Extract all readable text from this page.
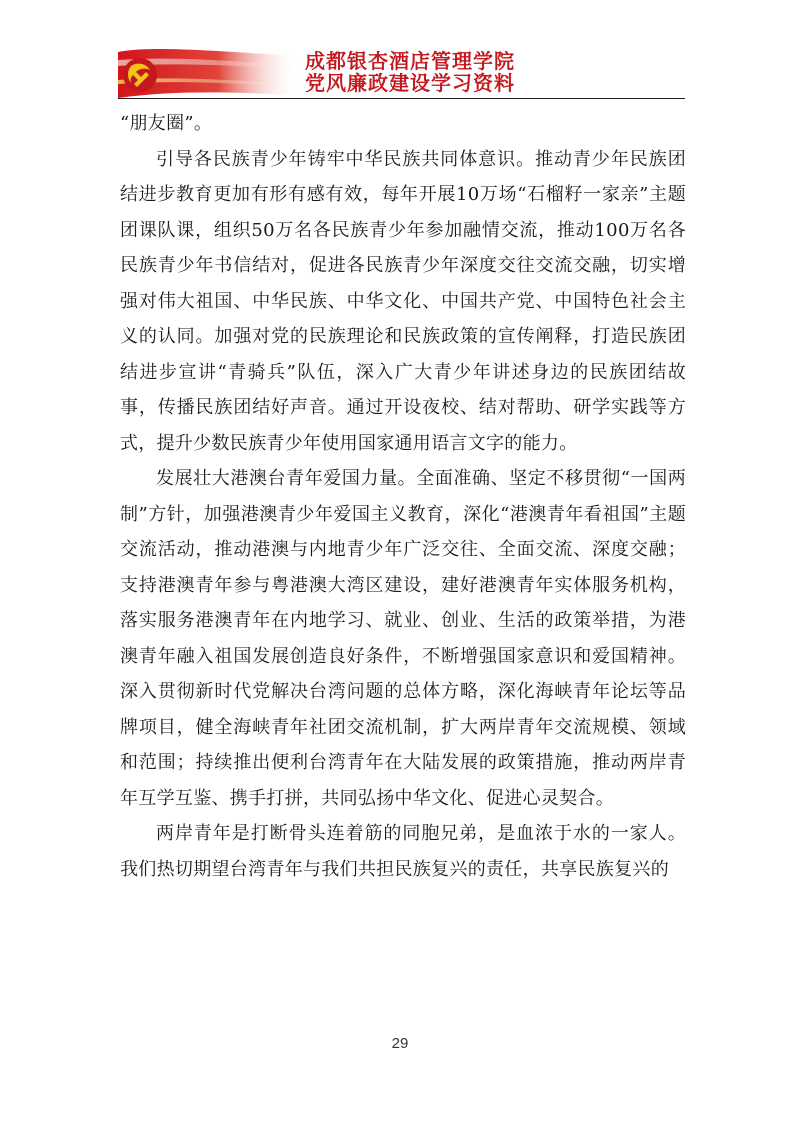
成都银杏酒店管理学院

党风廉政建设学习资料

“朋友圈”。

引导各民族青少年铸牢中华民族共同体意识。推动青少年民族团结进步教育更加有形有感有效，每年开展10万场“石榴籽一家亲”主题团课队课，组织50万名各民族青少年参加融情交流，推动100万名各民族青少年书信结对，促进各民族青少年深度交往交流交融，切实增强对伟大祖国、中华民族、中华文化、中国共产党、中国特色社会主义的认同。加强对党的民族理论和民族政策的宣传阐释，打造民族团结进步宣讲“青骑兵”队伍，深入广大青少年讲述身边的民族团结故事，传播民族团结好声音。通过开设夜校、结对帮助、研学实践等方式，提升少数民族青少年使用国家通用语言文字的能力。

发展壮大港澳台青年爱国力量。全面准确、坚定不移贯彻“一国两制”方针，加强港澳青少年爱国主义教育，深化“港澳青年看祖国”主题交流活动，推动港澳与内地青少年广泛交往、全面交流、深度交融；支持港澳青年参与粤港澳大湾区建设，建好港澳青年实体服务机构，落实服务港澳青年在内地学习、就业、创业、生活的政策举措，为港澳青年融入祖国发展创造良好条件，不断增强国家意识和爱国精神。深入贯彻新时代党解决台湾问题的总体方略，深化海峡青年论坛等品牌项目，健全海峡青年社团交流机制，扩大两岸青年交流规模、领域和范围；持续推出便利台湾青年在大陆发展的政策措施，推动两岸青年互学互鉴、携手打拼，共同弘扬中华文化、促进心灵契合。

两岸青年是打断骨头连着筋的同胞兄弟，是血浓于水的一家人。我们热切期望台湾青年与我们共担民族复兴的责任，共享民族复兴的

29
